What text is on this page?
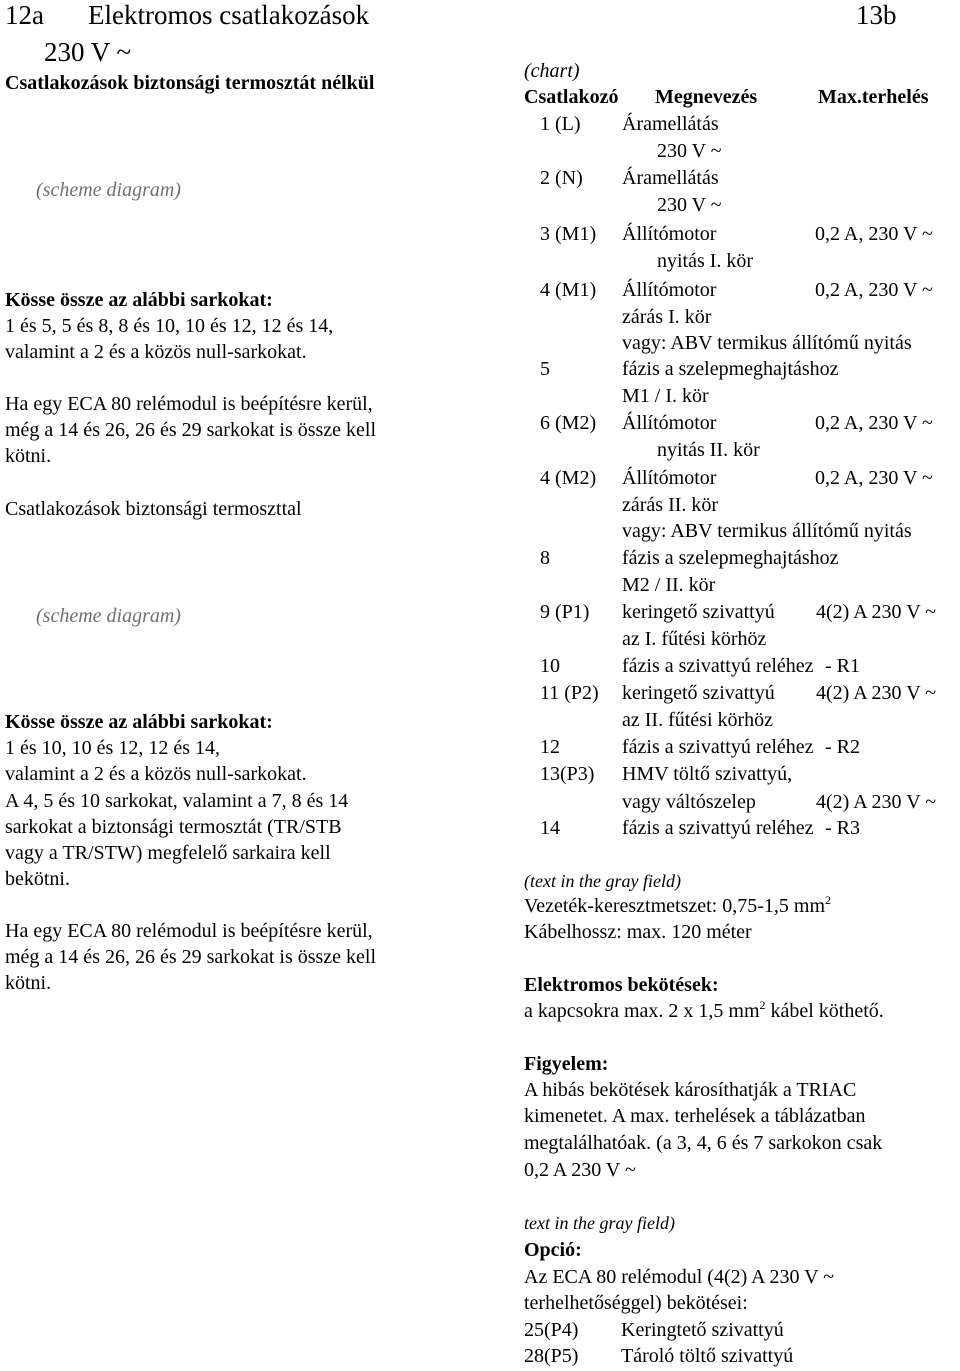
12a Elektromos csatlakozások
230 V ~
13b
Csatlakozások biztonsági termosztát nélkül
(scheme diagram)
Kösse össze az alábbi sarkokat:
1 és 5, 5 és 8, 8 és 10, 10 és 12, 12 és 14,
valamint a 2 és a közös null-sarkokat.
Ha egy ECA 80 relémodul is beépítésre kerül,
még a 14 és 26, 26 és 29 sarkokat is össze kell
kötni.
Csatlakozások biztonsági termoszttal
(scheme diagram)
Kösse össze az alábbi sarkokat:
1 és 10, 10 és 12, 12 és 14,
valamint a 2 és a közös null-sarkokat.
A 4, 5 és 10 sarkokat, valamint a 7, 8 és 14
sarkokat a biztonsági termosztát (TR/STB
vagy a TR/STW) megfelelő sarkaira kell
bekötni.
Ha egy ECA 80 relémodul is beépítésre kerül,
még a 14 és 26, 26 és 29 sarkokat is össze kell
kötni.
(chart)
Csatlakozó Megnevezés	Max.terhelés
1 (L) Áramellátás
230 V ~
2 (N) Áramellátás
230 V ~
3 (M1) Állítómotor	0,2 A, 230 V ~
nyitás I. kör
4 (M1) Állítómotor	0,2 A, 230 V ~
zárás I. kör
vagy: ABV termikus állítómű nyitás
5	fázis a szelepmeghajtáshoz
M1 / I. kör
6 (M2) Állítómotor	0,2 A, 230 V ~
nyitás II. kör
4 (M2) Állítómotor	0,2 A, 230 V ~
zárás II. kör
vagy: ABV termikus állítómű nyitás
8	fázis a szelepmeghajtáshoz
M2 / II. kör
9 (P1) keringető szivattyú 4(2) A 230 V ~
az I. fűtési körhöz
10	fázis a szivattyú reléhez - R1
11 (P2) keringető szivattyú 4(2) A 230 V ~
az II. fűtési körhöz
12	fázis a szivattyú reléhez - R2
13(P3) HMV töltő szivattyú,
vagy váltószelep	4(2) A 230 V ~
14	fázis a szivattyú reléhez - R3
(text in the gray field)
Vezeték-keresztmetszet: 0,75-1,5 $mm^2$
Kábelhossz: max. 120 méter
Elektromos bekötések:
a kapcsokra max. 2 x 1,5 $mm^2$ kábel köthető.
Figyelem:
A hibás bekötések károsíthatják a TRIAC
kimenetet. A max. terhelések a táblázatban
megtalálhatóak. (a 3, 4, 6 és 7 sarkokon csak
0,2 A 230 V ~
text in the gray field)
Opció:
Az ECA 80 relémodul (4(2) A 230 V ~
terhelhetőséggel) bekötései:
25(P4) Keringtető szivattyú
28(P5) Tároló töltő szivattyú
